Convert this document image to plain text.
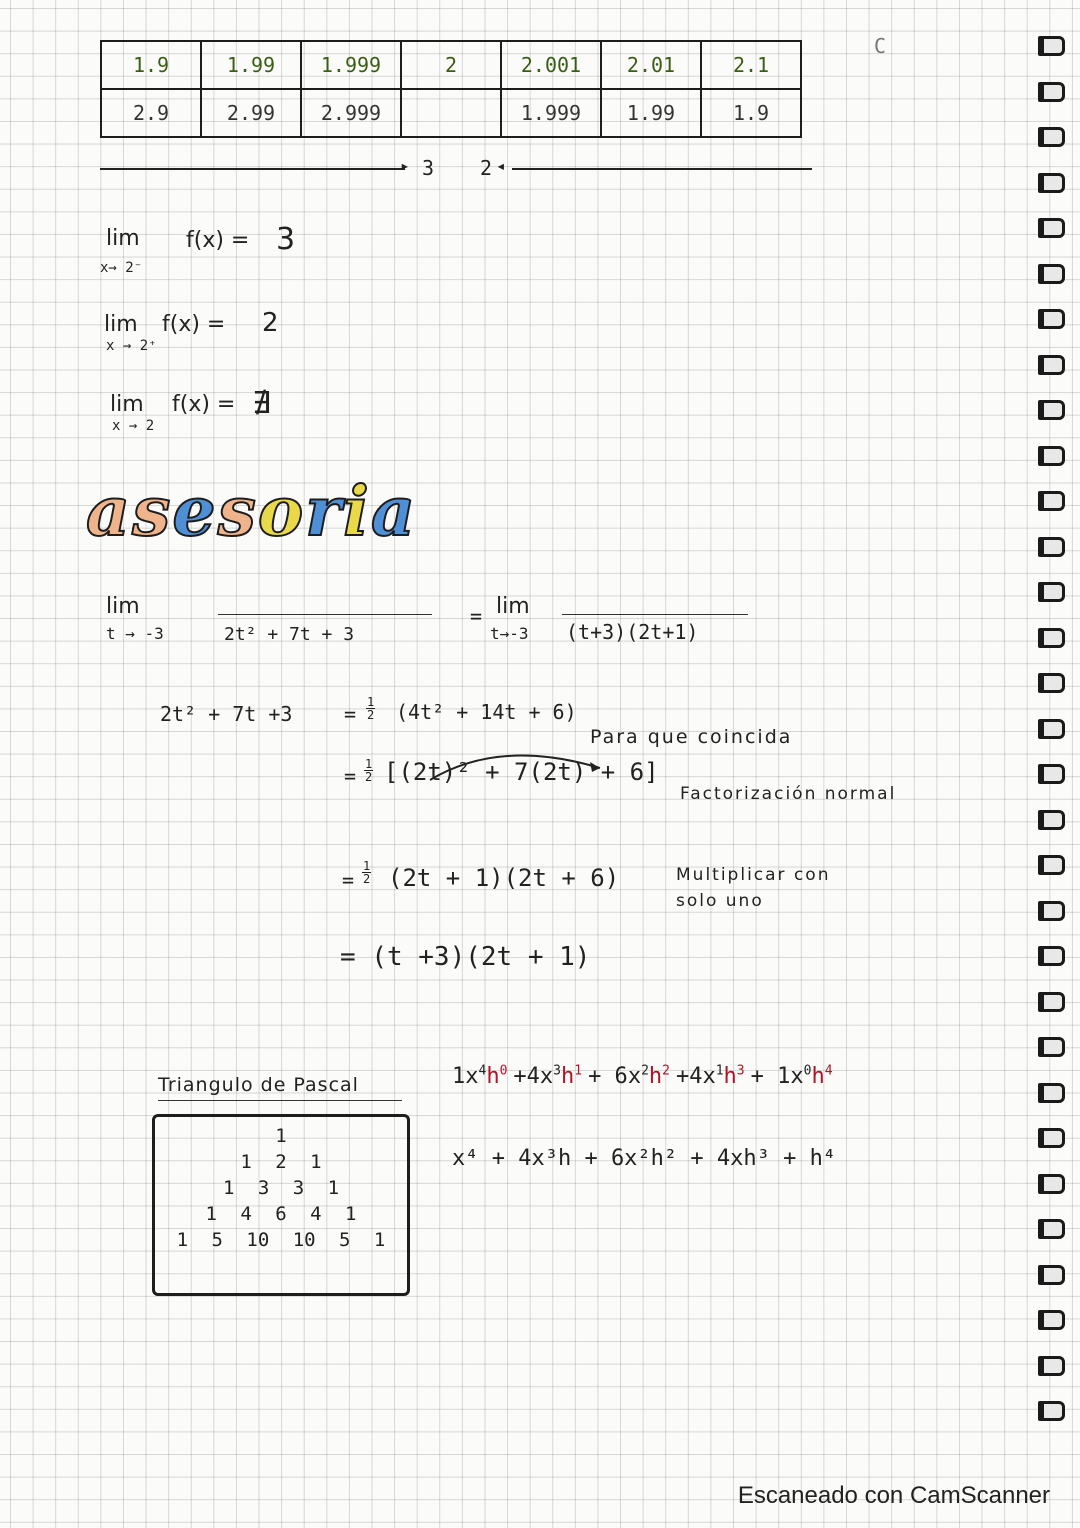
C
1.9	1.99	1.999	2	2.001	2.01	2.1
2.9	2.99	2.999		1.999	1.99	1.9
▸ 3 2 ◂
lim
x→ 2⁻
f(x) = 3
lim
x → 2⁺
f(x) = 2
lim
x → 2
f(x) = ∄
asesoria
lim
t → -3	2t² + 7t + 3
= lim
t→-3 (t+3)(2t+1)
2t² + 7t +3	= $\frac{1}{2} (4t^2 + 14t + 6)$
Para que coincida
= $\frac{1}{2} [(2t)^2 + 7(2t) + 6]$
Factorización normal
= $\frac{1}{2} (2t + 1)(2t + 6)$	Multiplicar con solo uno
= (t +3)(2t + 1)
Triangulo de Pascal
1
1 2 1
1 3 3 1
1 4 6 4 1
1 5 10 10 5 1
$1x^4h^0 +4x^3h^1 + 6x^2h^2 +4x^1h^3 + 1x^0h^4$
x⁴ + 4x³h + 6x²h² + 4xh³ + h⁴
Escaneado con CamScanner
